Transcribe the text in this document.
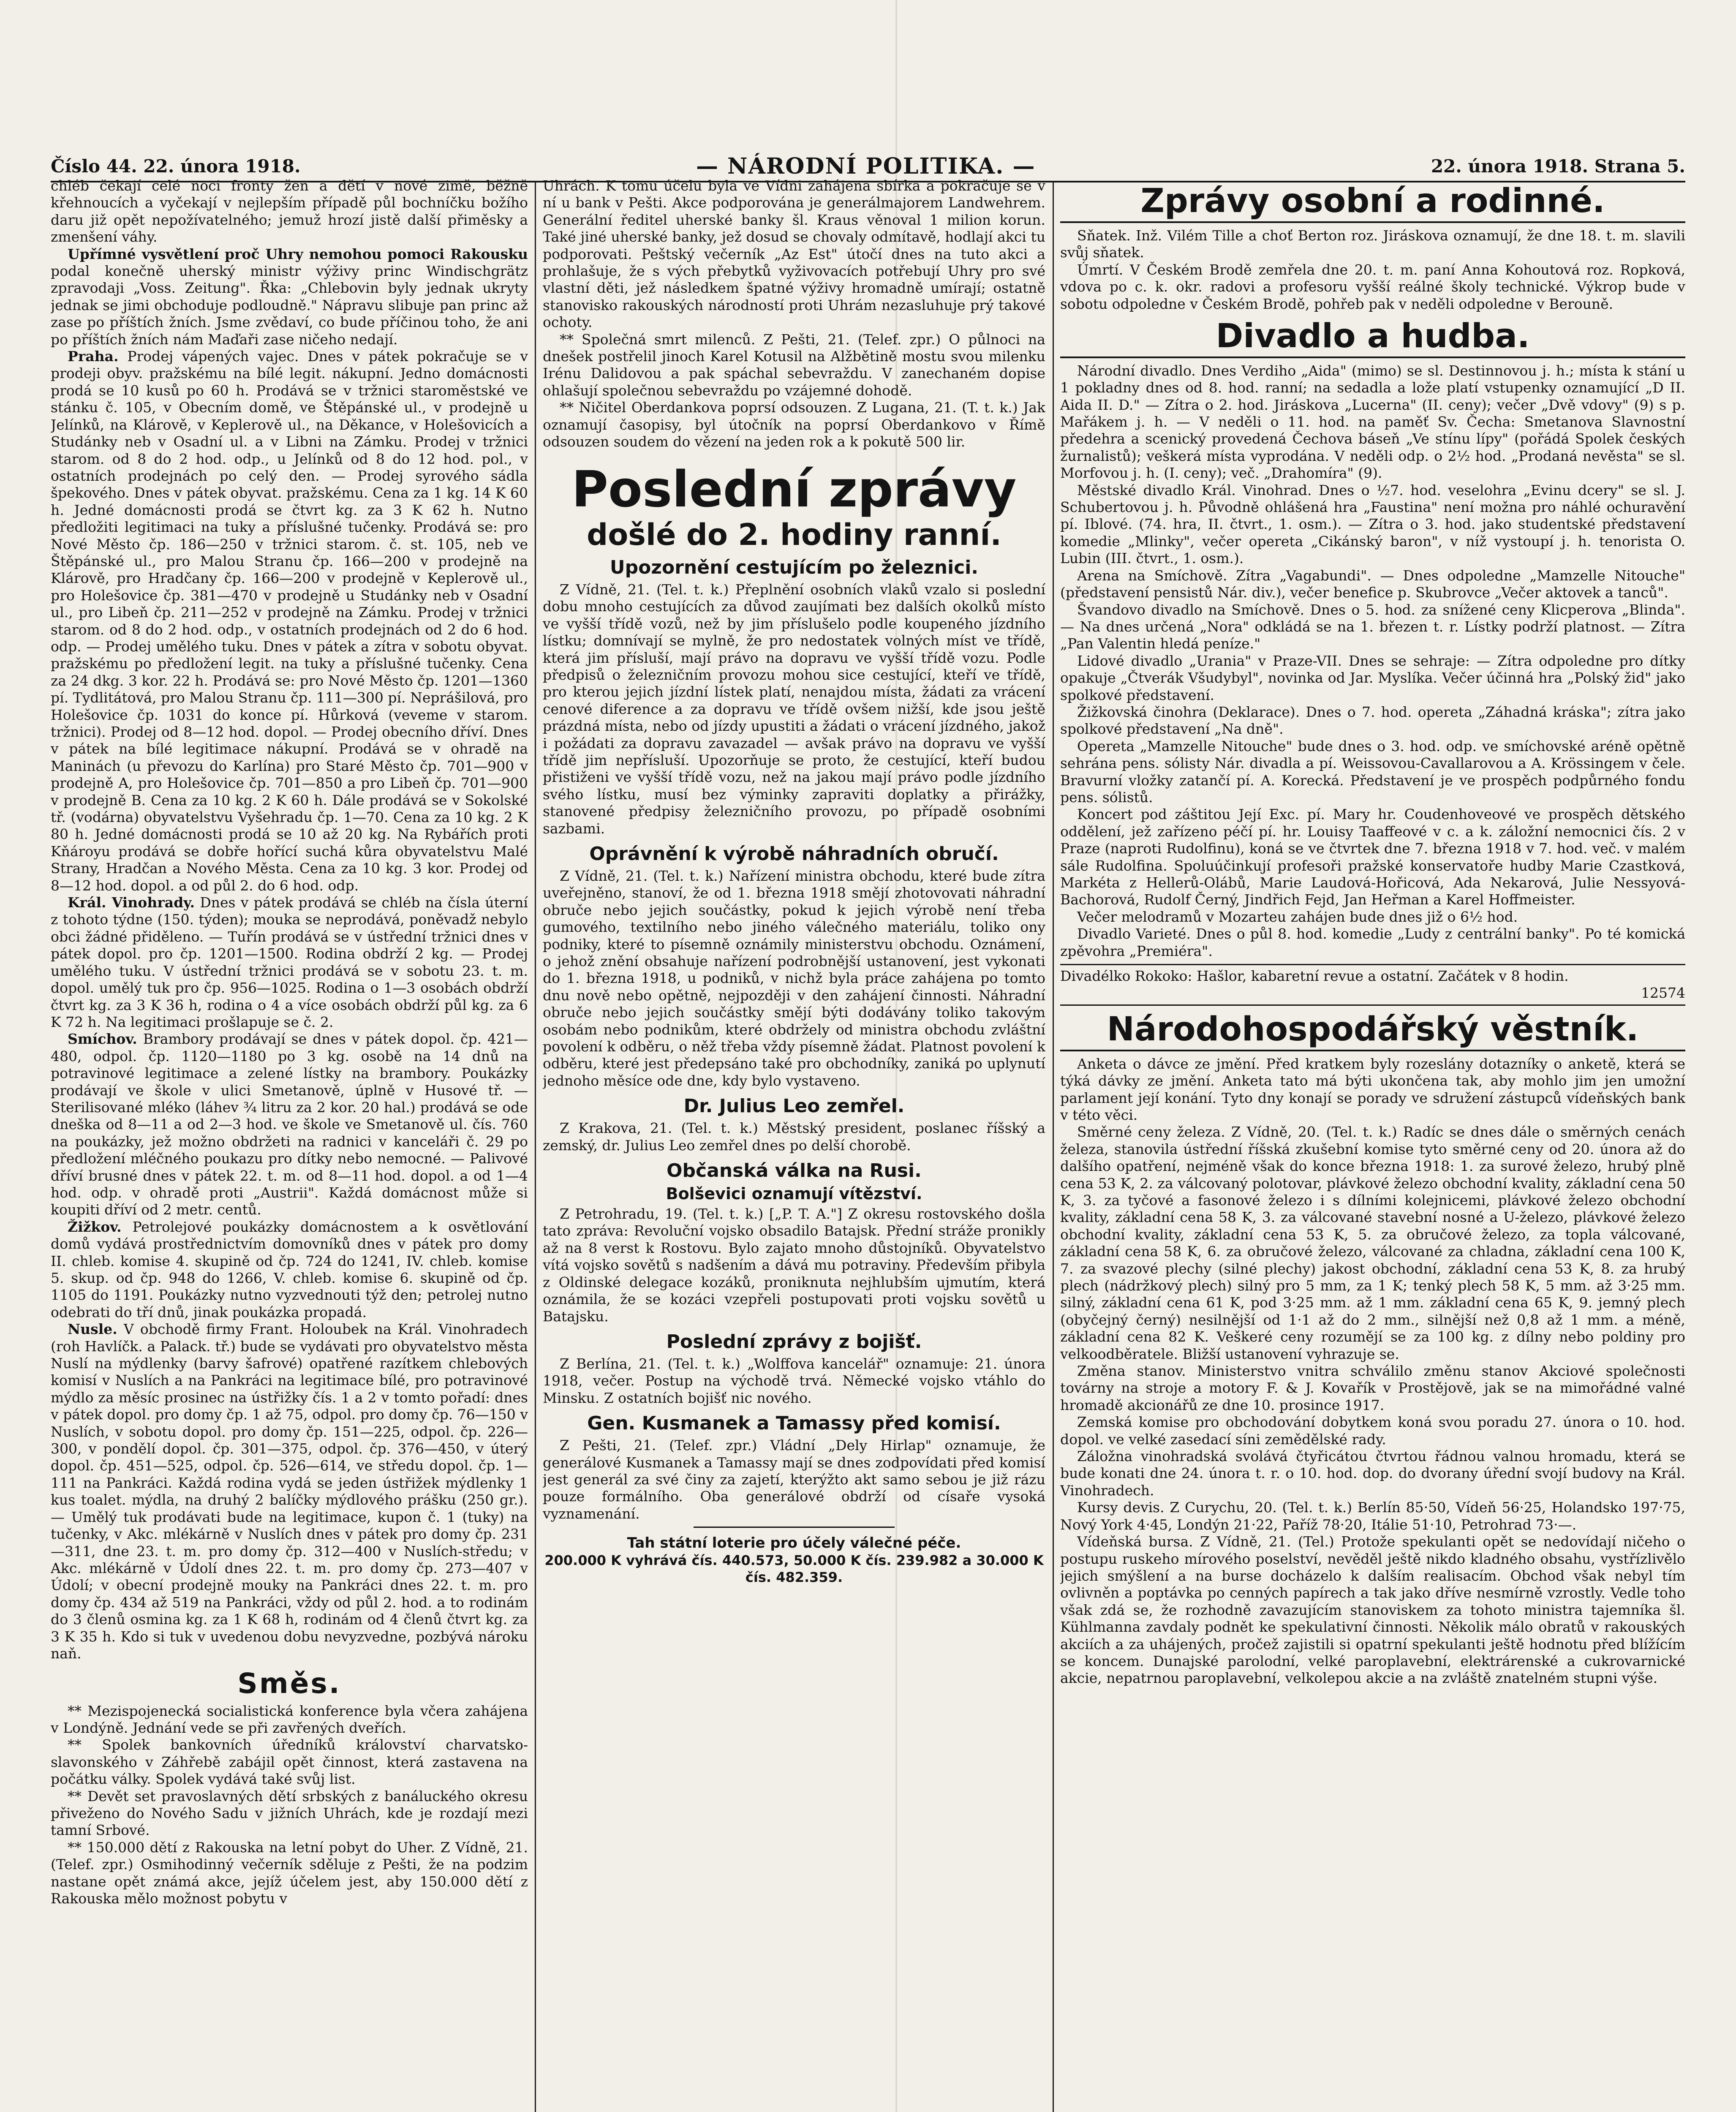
Číslo 44. 22. února 1918.	— NÁRODNÍ POLITIKA. —	22. února 1918. Strana 5.

chléb čekají celé noci fronty žen a dětí v nové zimě, běžně křehnoucích a vyčekají v nejlepším případě půl bochníčku božího daru již opět nepožívatelného; jemuž hrozí jistě další přiměsky a zmenšení váhy.

Upřímné vysvětlení proč Uhry nemohou pomoci Rakousku podal konečně uherský ministr výživy princ Windischgrätz zpravodaji „Voss. Zeitung". Řka: „Chlebovin byly jednak ukryty jednak se jimi obchoduje podloudně." Nápravu slibuje pan princ až zase po příštích žních. Jsme zvědaví, co bude příčinou toho, že ani po příštích žních nám Maďaři zase ničeho nedají.

Praha. Prodej vápených vajec. Dnes v pátek pokračuje se v prodeji obyv. pražskému na bílé legit. nákupní. Jedno domácnosti prodá se 10 kusů po 60 h. Prodává se v tržnici staroměstské ve stánku č. 105, v Obecním domě, ve Štěpánské ul., v prodejně u Jelínků, na Klárově, v Keplerově ul., na Děkance, v Holešovicích a Studánky neb v Osadní ul. a v Libni na Zámku. Prodej v tržnici starom. od 8 do 2 hod. odp., u Jelínků od 8 do 12 hod. pol., v ostatních prodejnách po celý den. — Prodej syrového sádla špekového. Dnes v pátek obyvat. pražskému. Cena za 1 kg. 14 K 60 h. Jedné domácnosti prodá se čtvrt kg. za 3 K 62 h. Nutno předložiti legitimaci na tuky a příslušné tučenky. Prodává se: pro Nové Město čp. 186—250 v tržnici starom. č. st. 105, neb ve Štěpánské ul., pro Malou Stranu čp. 166—200 v prodejně na Klárově, pro Hradčany čp. 166—200 v prodejně v Keplerově ul., pro Holešovice čp. 381—470 v prodejně u Studánky neb v Osadní ul., pro Libeň čp. 211—252 v prodejně na Zámku. Prodej v tržnici starom. od 8 do 2 hod. odp., v ostatních prodejnách od 2 do 6 hod. odp. — Prodej umělého tuku. Dnes v pátek a zítra v sobotu obyvat. pražskému po předložení legit. na tuky a příslušné tučenky. Cena za 24 dkg. 3 kor. 22 h. Prodává se: pro Nové Město čp. 1201—1360 pí. Tydlitátová, pro Malou Stranu čp. 111—300 pí. Neprášilová, pro Holešovice čp. 1031 do konce pí. Hůrková (veveme v starom. tržnici). Prodej od 8—12 hod. dopol. — Prodej obecního dříví. Dnes v pátek na bílé legitimace nákupní. Prodává se v ohradě na Maninách (u převozu do Karlína) pro Staré Město čp. 701—900 v prodejně A, pro Holešovice čp. 701—850 a pro Libeň čp. 701—900 v prodejně B. Cena za 10 kg. 2 K 60 h. Dále prodává se v Sokolské tř. (vodárna) obyvatelstvu Vyšehradu čp. 1—70. Cena za 10 kg. 2 K 80 h. Jedné domácnosti prodá se 10 až 20 kg. Na Rybářích proti Kňároyu prodává se dobře hořící suchá kůra obyvatelstvu Malé Strany, Hradčan a Nového Města. Cena za 10 kg. 3 kor. Prodej od 8—12 hod. dopol. a od půl 2. do 6 hod. odp.

Král. Vinohrady. Dnes v pátek prodává se chléb na čísla úterní z tohoto týdne (150. týden); mouka se neprodává, poněvadž nebylo obci žádné přiděleno. — Tuřín prodává se v ústřední tržnici dnes v pátek dopol. pro čp. 1201—1500. Rodina obdrží 2 kg. — Prodej umělého tuku. V ústřední tržnici prodává se v sobotu 23. t. m. dopol. umělý tuk pro čp. 956—1025. Rodina o 1—3 osobách obdrží čtvrt kg. za 3 K 36 h, rodina o 4 a více osobách obdrží půl kg. za 6 K 72 h. Na legitimaci prošlapuje se č. 2.

Smíchov. Brambory prodávají se dnes v pátek dopol. čp. 421—480, odpol. čp. 1120—1180 po 3 kg. osobě na 14 dnů na potravinové legitimace a zelené lístky na brambory. Poukázky prodávají ve škole v ulici Smetanově, úplně v Husové tř. — Sterilisované mléko (láhev ¾ litru za 2 kor. 20 hal.) prodává se ode dneška od 8—11 a od 2—3 hod. ve škole ve Smetanově ul. čís. 760 na poukázky, jež možno obdržeti na radnici v kanceláři č. 29 po předložení mléčného poukazu pro dítky nebo nemocné. — Palivové dříví brusné dnes v pátek 22. t. m. od 8—11 hod. dopol. a od 1—4 hod. odp. v ohradě proti „Austrii". Každá domácnost může si koupiti dříví od 2 metr. centů.

Žižkov. Petrolejové poukázky domácnostem a k osvětlování domů vydává prostřednictvím domovníků dnes v pátek pro domy II. chleb. komise 4. skupině od čp. 724 do 1241, IV. chleb. komise 5. skup. od čp. 948 do 1266, V. chleb. komise 6. skupině od čp. 1105 do 1191. Poukázky nutno vyzvednouti týž den; petrolej nutno odebrati do tří dnů, jinak poukázka propadá.

Nusle. V obchodě firmy Frant. Holoubek na Král. Vinohradech (roh Havlíčk. a Palack. tř.) bude se vydávati pro obyvatelstvo města Nuslí na mýdlenky (barvy šafrové) opatřené razítkem chlebových komisí v Nuslích a na Pankráci na legitimace bílé, pro potravinové mýdlo za měsíc prosinec na ústřižky čís. 1 a 2 v tomto pořadí: dnes v pátek dopol. pro domy čp. 1 až 75, odpol. pro domy čp. 76—150 v Nuslích, v sobotu dopol. pro domy čp. 151—225, odpol. čp. 226—300, v pondělí dopol. čp. 301—375, odpol. čp. 376—450, v úterý dopol. čp. 451—525, odpol. čp. 526—614, ve středu dopol. čp. 1—111 na Pankráci. Každá rodina vydá se jeden ústřižek mýdlenky 1 kus toalet. mýdla, na druhý 2 balíčky mýdlového prášku (250 gr.). — Umělý tuk prodávati bude na legitimace, kupon č. 1 (tuky) na tučenky, v Akc. mlékárně v Nuslích dnes v pátek pro domy čp. 231—311, dne 23. t. m. pro domy čp. 312—400 v Nuslích-středu; v Akc. mlékárně v Údolí dnes 22. t. m. pro domy čp. 273—407 v Údolí; v obecní prodejně mouky na Pankráci dnes 22. t. m. pro domy čp. 434 až 519 na Pankráci, vždy od půl 2. hod. a to rodinám do 3 členů osmina kg. za 1 K 68 h, rodinám od 4 členů čtvrt kg. za 3 K 35 h. Kdo si tuk v uvedenou dobu nevyzvedne, pozbývá nároku naň.

Směs.

** Mezispojenecká socialistická konference byla včera zahájena v Londýně. Jednání vede se při zavřených dveřích.

** Spolek bankovních úředníků království charvatsko-slavonského v Záhřebě zabájil opět činnost, která zastavena na počátku války. Spolek vydává také svůj list.

** Devět set pravoslavných dětí srbských z banáluckého okresu přiveženo do Nového Sadu v jižních Uhrách, kde je rozdají mezi tamní Srbové.

** 150.000 dětí z Rakouska na letní pobyt do Uher. Z Vídně, 21. (Telef. zpr.) Osmihodinný večerník sděluje z Pešti, že na podzim nastane opět známá akce, jejíž účelem jest, aby 150.000 dětí z Rakouska mělo možnost pobytu v

Uhrách. K tomu účelu byla ve Vídni zahájena sbírka a pokračuje se v ní u bank v Pešti. Akce podporována je generálmajorem Landwehrem. Generální ředitel uherské banky šl. Kraus věnoval 1 milion korun. Také jiné uherské banky, jež dosud se chovaly odmítavě, hodlají akci tu podporovati. Peštský večerník „Az Est" útočí dnes na tuto akci a prohlašuje, že s vých přebytků vyživovacích potřebují Uhry pro své vlastní děti, jež následkem špatné výživy hromadně umírají; ostatně stanovisko rakouských národností proti Uhrám nezasluhuje prý takové ochoty.

** Společná smrt milenců. Z Pešti, 21. (Telef. zpr.) O půlnoci na dnešek postřelil jinoch Karel Kotusil na Alžbětině mostu svou milenku Irénu Dalidovou a pak spáchal sebevraždu. V zanechaném dopise ohlašují společnou sebevraždu po vzájemné dohodě.

** Ničitel Oberdankova poprsí odsouzen. Z Lugana, 21. (T. t. k.) Jak oznamují časopisy, byl útočník na poprsí Oberdankovo v Římě odsouzen soudem do vězení na jeden rok a k pokutě 500 lir.

Poslední zprávy
došlé do 2. hodiny ranní.
Upozornění cestujícím po železnici.

Z Vídně, 21. (Tel. t. k.) Přeplnění osobních vlaků vzalo si poslední dobu mnoho cestujících za důvod zaujímati bez dalších okolků místo ve vyšší třídě vozů, než by jim příslušelo podle koupeného jízdního lístku; domnívají se mylně, že pro nedostatek volných míst ve třídě, která jim přísluší, mají právo na dopravu ve vyšší třídě vozu. Podle předpisů o železničním provozu mohou sice cestující, kteří ve třídě, pro kterou jejich jízdní lístek platí, nenajdou místa, žádati za vrácení cenové diference a za dopravu ve třídě ovšem nižší, kde jsou ještě prázdná místa, nebo od jízdy upustiti a žádati o vrácení jízdného, jakož i požádati za dopravu zavazadel — avšak právo na dopravu ve vyšší třídě jim nepřísluší. Upozorňuje se proto, že cestující, kteří budou přistiženi ve vyšší třídě vozu, než na jakou mají právo podle jízdního svého lístku, musí bez výminky zapraviti doplatky a přirážky, stanovené předpisy železničního provozu, po případě osobními sazbami.

Oprávnění k výrobě náhradních obručí.

Z Vídně, 21. (Tel. t. k.) Nařízení ministra obchodu, které bude zítra uveřejněno, stanoví, že od 1. března 1918 smějí zhotovovati náhradní obruče nebo jejich součástky, pokud k jejich výrobě není třeba gumového, textilního nebo jiného válečného materiálu, toliko ony podniky, které to písemně oznámily ministerstvu obchodu. Oznámení, o jehož znění obsahuje nařízení podrobnější ustanovení, jest vykonati do 1. března 1918, u podniků, v nichž byla práce zahájena po tomto dnu nově nebo opětně, nejpozději v den zahájení činnosti. Náhradní obruče nebo jejich součástky smějí býti dodávány toliko takovým osobám nebo podnikům, které obdržely od ministra obchodu zvláštní povolení k odběru, o něž třeba vždy písemně žádat. Platnost povolení k odběru, které jest předepsáno také pro obchodníky, zaniká po uplynutí jednoho měsíce ode dne, kdy bylo vystaveno.

Dr. Julius Leo zemřel.

Z Krakova, 21. (Tel. t. k.) Městský president, poslanec říšský a zemský, dr. Julius Leo zemřel dnes po delší chorobě.

Občanská válka na Rusi.
Bolševici oznamují vítězství.

Z Petrohradu, 19. (Tel. t. k.) [„P. T. A."] Z okresu rostovského došla tato zpráva: Revoluční vojsko obsadilo Batajsk. Přední stráže pronikly až na 8 verst k Rostovu. Bylo zajato mnoho důstojníků. Obyvatelstvo vítá vojsko sovětů s nadšením a dává mu potraviny. Především přibyla z Oldinské delegace kozáků, proniknuta nejhlubším ujmutím, která oznámila, že se kozáci vzepřeli postupovati proti vojsku sovětů u Batajsku.

Poslední zprávy z bojišť.

Z Berlína, 21. (Tel. t. k.) „Wolffova kancelář" oznamuje: 21. února 1918, večer. Postup na východě trvá. Německé vojsko vtáhlo do Minsku. Z ostatních bojišť nic nového.

Gen. Kusmanek a Tamassy před komisí.

Z Pešti, 21. (Telef. zpr.) Vládní „Dely Hirlap" oznamuje, že generálové Kusmanek a Tamassy mají se dnes zodpovídati před komisí jest generál za své činy za zajetí, kterýžto akt samo sebou je již rázu pouze formálního. Oba generálové obdrží od císaře vysoká vyznamenání.

Tah státní loterie pro účely válečné péče.
200.000 K vyhrává čís. 440.573, 50.000 K čís. 239.982 a 30.000 K čís. 482.359.
Zprávy osobní a rodinné.

Sňatek. Inž. Vilém Tille a choť Berton roz. Jiráskova oznamují, že dne 18. t. m. slavili svůj sňatek.

Úmrtí. V Českém Brodě zemřela dne 20. t. m. paní Anna Kohoutová roz. Ropková, vdova po c. k. okr. radovi a profesoru vyšší reálné školy technické. Výkrop bude v sobotu odpoledne v Českém Brodě, pohřeb pak v neděli odpoledne v Berouně.

Divadlo a hudba.

Národní divadlo. Dnes Verdiho „Aida" (mimo) se sl. Destinnovou j. h.; místa k stání u 1 pokladny dnes od 8. hod. ranní; na sedadla a lože platí vstupenky oznamující „D II. Aida II. D." — Zítra o 2. hod. Jiráskova „Lucerna" (II. ceny); večer „Dvě vdovy" (9) s p. Mařákem j. h. — V neděli o 11. hod. na paměť Sv. Čecha: Smetanova Slavnostní předehra a scenický provedená Čechova báseň „Ve stínu lípy" (pořádá Spolek českých žurnalistů); veškerá místa vyprodána. V neděli odp. o 2½ hod. „Prodaná nevěsta" se sl. Morfovou j. h. (I. ceny); več. „Drahomíra" (9).

Městské divadlo Král. Vinohrad. Dnes o ½7. hod. veselohra „Evinu dcery" se sl. J. Schubertovou j. h. Původně ohlášená hra „Faustina" není možna pro náhlé ochuravění pí. Iblové. (74. hra, II. čtvrt., 1. osm.). — Zítra o 3. hod. jako studentské představení komedie „Mlinky", večer opereta „Cikánský baron", v níž vystoupí j. h. tenorista O. Lubin (III. čtvrt., 1. osm.).

Arena na Smíchově. Zítra „Vagabundi". — Dnes odpoledne „Mamzelle Nitouche" (představení pensistů Nár. div.), večer benefice p. Skubrovce „Večer aktovek a tanců".

Švandovo divadlo na Smíchově. Dnes o 5. hod. za snížené ceny Klicperova „Blinda". — Na dnes určená „Nora" odkládá se na 1. březen t. r. Lístky podrží platnost. — Zítra „Pan Valentin hledá peníze."

Lidové divadlo „Urania" v Praze-VII. Dnes se sehraje: — Zítra odpoledne pro dítky opakuje „Čtverák Všudybyl", novinka od Jar. Myslíka. Večer účinná hra „Polský žid" jako spolkové představení.

Žižkovská činohra (Deklarace). Dnes o 7. hod. opereta „Záhadná kráska"; zítra jako spolkové představení „Na dně".

Opereta „Mamzelle Nitouche" bude dnes o 3. hod. odp. ve smíchovské aréně opětně sehrána pens. sólisty Nár. divadla a pí. Weissovou-Cavallarovou a A. Krössingem v čele. Bravurní vložky zatančí pí. A. Korecká. Představení je ve prospěch podpůrného fondu pens. sólistů.

Koncert pod záštitou Její Exc. pí. Mary hr. Coudenhoveové ve prospěch dětského oddělení, jež zařízeno péčí pí. hr. Louisy Taaffeové v c. a k. záložní nemocnici čís. 2 v Praze (naproti Rudolfinu), koná se ve čtvrtek dne 7. března 1918 v 7. hod. več. v malém sále Rudolfina. Spoluúčinkují profesoři pražské konservatoře hudby Marie Czastková, Markéta z Hellerů-Olábů, Marie Laudová-Hořicová, Ada Nekarová, Julie Nessyová-Bachorová, Rudolf Černý, Jindřich Fejd, Jan Heřman a Karel Hoffmeister.

Večer melodramů v Mozarteu zahájen bude dnes již o 6½ hod.

Divadlo Varieté. Dnes o půl 8. hod. komedie „Ludy z centrální banky". Po té komická zpěvohra „Premiéra".

Divadélko Rokoko: Hašlor, kabaretní revue a ostatní. Začátek v 8 hodin.
12574
Národohospodářský věstník.

Anketa o dávce ze jmění. Před kratkem byly rozeslány dotazníky o anketě, která se týká dávky ze jmění. Anketa tato má býti ukončena tak, aby mohlo jim jen umožní parlament její konání. Tyto dny konají se porady ve sdružení zástupců vídeňských bank v této věci.

Směrné ceny železa. Z Vídně, 20. (Tel. t. k.) Radíc se dnes dále o směrných cenách železa, stanovila ústřední říšská zkušební komise tyto směrné ceny od 20. února až do dalšího opatření, nejméně však do konce března 1918: 1. za surové železo, hrubý plně cena 53 K, 2. za válcovaný polotovar, plávkové železo obchodní kvality, základní cena 50 K, 3. za tyčové a fasonové železo i s dílními kolejnicemi, plávkové železo obchodní kvality, základní cena 58 K, 3. za válcované stavební nosné a U-železo, plávkové železo obchodní kvality, základní cena 53 K, 5. za obručové železo, za topla válcované, základní cena 58 K, 6. za obručové železo, válcované za chladna, základní cena 100 K, 7. za svazové plechy (silné plechy) jakost obchodní, základní cena 53 K, 8. za hrubý plech (nádržkový plech) silný pro 5 mm, za 1 K; tenký plech 58 K, 5 mm. až 3·25 mm. silný, základní cena 61 K, pod 3·25 mm. až 1 mm. základní cena 65 K, 9. jemný plech (obyčejný černý) nesilnější od 1·1 až do 2 mm., silnější než 0,8 až 1 mm. a méně, základní cena 82 K. Veškeré ceny rozumějí se za 100 kg. z dílny nebo poldiny pro velkoodběratele. Bližší ustanovení vyhrazuje se.

Změna stanov. Ministerstvo vnitra schválilo změnu stanov Akciové společnosti továrny na stroje a motory F. & J. Kovařík v Prostějově, jak se na mimořádné valné hromadě akcionářů ze dne 10. prosince 1917.

Zemská komise pro obchodování dobytkem koná svou poradu 27. února o 10. hod. dopol. ve velké zasedací síni zemědělské rady.

Záložna vinohradská svolává čtyřicátou čtvrtou řádnou valnou hromadu, která se bude konati dne 24. února t. r. o 10. hod. dop. do dvorany úřední svojí budovy na Král. Vinohradech.

Kursy devis. Z Curychu, 20. (Tel. t. k.) Berlín 85·50, Vídeň 56·25, Holandsko 197·75, Nový York 4·45, Londýn 21·22, Paříž 78·20, Itálie 51·10, Petrohrad 73·—.

Vídeňská bursa. Z Vídně, 21. (Tel.) Protože spekulanti opět se nedovídají ničeho o postupu ruskeho mírového poselství, nevěděl ještě nikdo kladného obsahu, vystřízlivělo jejich smýšlení a na burse docházelo k dalším realisacím. Obchod však nebyl tím ovlivněn a poptávka po cenných papírech a tak jako dříve nesmírně vzrostly. Vedle toho však zdá se, že rozhodně zavazujícím stanoviskem za tohoto ministra tajemníka šl. Kühlmanna zavdaly podnět ke spekulativní činnosti. Několik málo obratů v rakouských akciích a za uhájených, pročež zajistili si opatrní spekulanti ještě hodnotu před blížícím se koncem. Dunajské parolodní, velké paroplavební, elektrárenské a cukrovarnické akcie, nepatrnou paroplavební, velkolepou akcie a na zvláště znatelném stupni výše.
